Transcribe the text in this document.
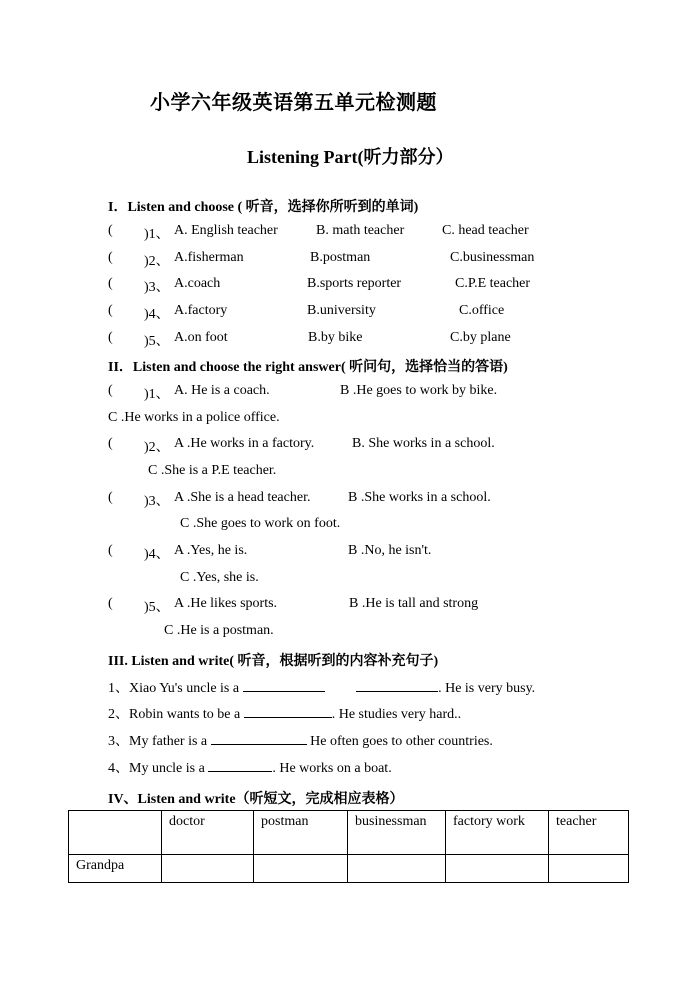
小学六年级英语第五单元检测题
Listening Part(听力部分）
I．Listen and choose ( 听音，选择你所听到的单词)
( )1、 A. English teacher	B. math teacher	C. head teacher
( )2、 A.fisherman	B.postman	C.businessman
( )3、 A.coach	B.sports reporter	C.P.E teacher
( )4、 A.factory	B.university	C.office
( )5、 A.on foot	B.by bike	C.by plane
II．Listen and choose the right answer( 听问句，选择恰当的答语)
( )1、 A. He is a coach.	B .He goes to work by bike.
C .He works in a police office.
( )2、 A .He works in a factory.	B. She works in a school.
C .She is a P.E teacher.
( )3、 A .She is a head teacher.	B .She works in a school.
C .She goes to work on foot.
( )4、 A .Yes, he is.	B .No, he isn't.
C .Yes, she is.
( )5、 A .He likes sports.	B .He is tall and strong
C .He is a postman.
III. Listen and write( 听音，根据听到的内容补充句子)
1、Xiao Yu's uncle is a	. He is very busy.
2、Robin wants to be a	. He studies very hard..
3、My father is a	He often goes to other countries.
4、My uncle is a	. He works on a boat.
IV、Listen and write（听短文，完成相应表格）
	doctor	postman	businessman	factory work	teacher
Grandpa					
